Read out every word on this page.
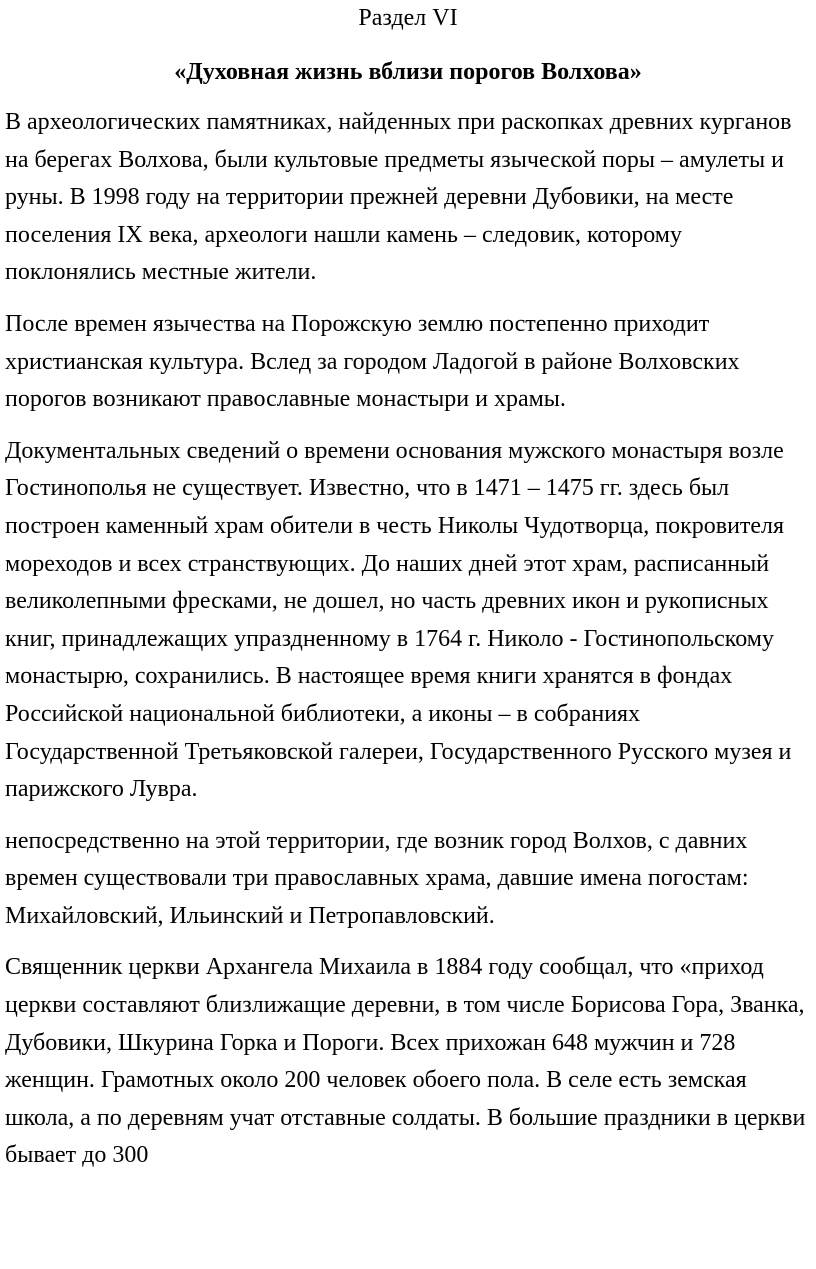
Раздел VI
«Духовная жизнь вблизи порогов Волхова»

В археологических памятниках, найденных при раскопках древних курганов на берегах Волхова, были культовые предметы языческой поры – амулеты и руны. В 1998 году на территории прежней деревни Дубовики, на месте поселения IX века, археологи нашли камень – следовик, которому поклонялись местные жители.

После времен язычества на Порожскую землю постепенно приходит христианская культура. Вслед за городом Ладогой в районе Волховских порогов возникают православные монастыри и храмы.

Документальных сведений о времени основания мужского монастыря возле Гостинополья не существует. Известно, что в 1471 – 1475 гг. здесь был построен каменный храм обители в честь Николы Чудотворца, покровителя мореходов и всех странствующих. До наших дней этот храм, расписанный великолепными фресками, не дошел, но часть древних икон и рукописных книг, принадлежащих упраздненному в 1764 г. Николо - Гостинопольскому монастырю, сохранились. В настоящее время книги хранятся в фондах Российской национальной библиотеки, а иконы – в собраниях Государственной Третьяковской галереи, Государственного Русского музея и парижского Лувра.

непосредственно на этой территории, где возник город Волхов, с давних времен существовали три православных храма, давшие имена погостам: Михайловский, Ильинский и Петропавловский.

Священник церкви Архангела Михаила в 1884 году сообщал, что «приход церкви составляют близлижащие деревни, в том числе Борисова Гора, Званка, Дубовики, Шкурина Горка и Пороги. Всех прихожан 648 мужчин и 728 женщин. Грамотных около 200 человек обоего пола. В селе есть земская школа, а по деревням учат отставные солдаты. В большие праздники в церкви бывает до 300
